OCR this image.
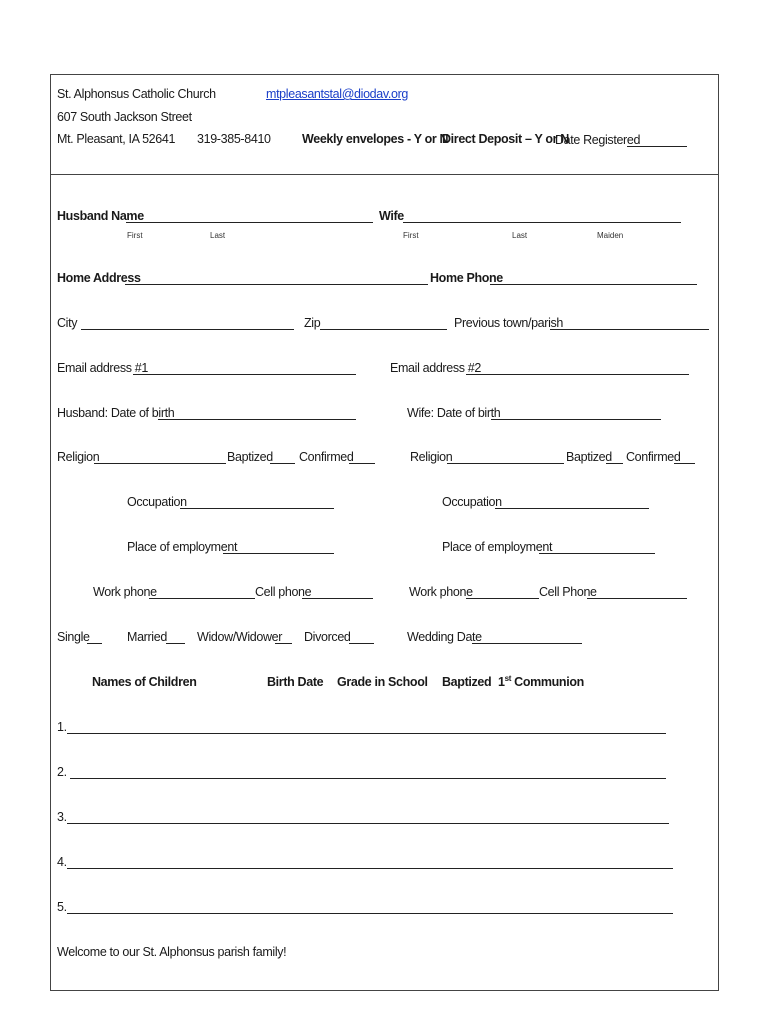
St. Alphonsus Catholic Church	mtpleasantstal@diodav.org
607 South Jackson Street
Mt. Pleasant, IA 52641 319-385-8410	Weekly envelopes - Y or N
Direct Deposit – Y or N
Date Registered
Husband Name	Wife
First	Last	First	Last	Maiden
Home Address	Home Phone
City	Zip	Previous town/parish
Email address #1	Email address #2
Husband: Date of birth	Wife: Date of birth
Religion	Baptized Confirmed	Religion	Baptized Confirmed
Occupation	Occupation
Place of employment	Place of employment
Work phone	Cell phone	Work phone	Cell Phone
Single	Married Widow/Widower Divorced	Wedding Date
Names of Children	Birth Date Grade in School Baptized 1st Communion
1.
2.
3.
4.
5.
Welcome to our St. Alphonsus parish family!
